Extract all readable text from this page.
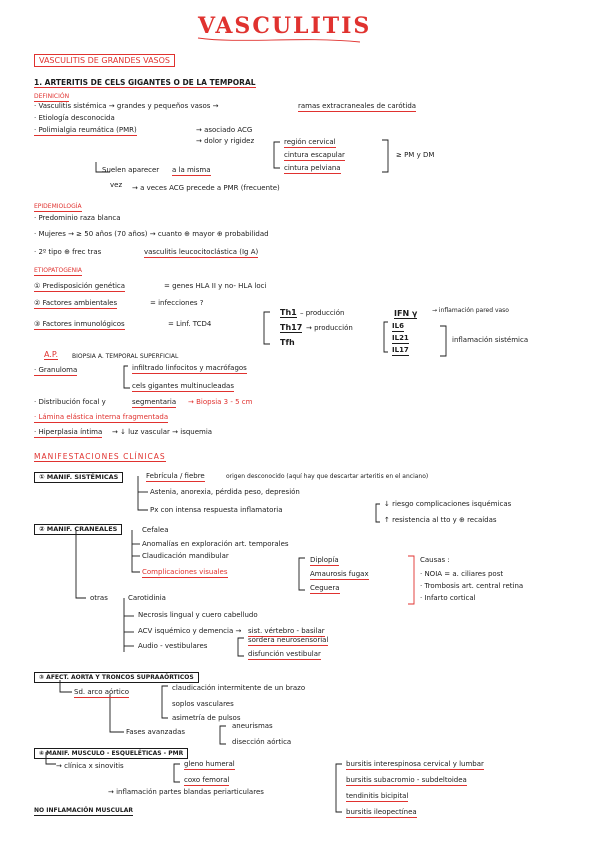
VASCULITIS
VASCULITIS DE GRANDES VASOS
1. ARTERITIS DE CELS GIGANTES O DE LA TEMPORAL
DEFINICIÓN
· Vasculitis sistémica → grandes y pequeños vasos →	ramas extracraneales de carótida
· Etiología desconocida
· Polimialgia reumática (PMR)	→ asociado ACG
→ dolor y rigidez	región cervical
cintura escapular
cintura pelviana
≥ PM y DM
Suelen aparecer a la misma
vez → a veces ACG precede a PMR (frecuente)
EPIDEMIOLOGÍA
· Predominio raza blanca
· Mujeres → ≥ 50 años (70 años) → cuanto ⊕ mayor ⊕ probabilidad
· 2º tipo ⊕ frec tras	vasculitis leucocitoclástica (Ig A)
ETIOPATOGENIA
① Predisposición genética	= genes HLA II y no- HLA loci
② Factores ambientales	= infecciones ?
③ Factores inmunológicos	= Linf. TCD4
Th1 – producción	IFN γ → inflamación pared vaso
Th17 → producción	IL6
IL21
IL17
inflamación sistémica
Tfh
A.P. BIOPSIA A. TEMPORAL SUPERFICIAL
· Granuloma	infiltrado linfocitos y macrófagos
cels gigantes multinucleadas
· Distribución focal y	segmentaria → Biopsia 3 - 5 cm
· Lámina elástica interna fragmentada
· Hiperplasia íntima → ↓ luz vascular → isquemia
MANIFESTACIONES CLÍNICAS
① MANIF. SISTÉMICAS	Febrícula / fiebre	origen desconocido (aquí hay que descartar arteritis en el anciano)
Astenia, anorexia, pérdida peso, depresión
Px con intensa respuesta inflamatoria
↓ riesgo complicaciones isquémicas
↑ resistencia al tto y ⊕ recaídas
② MANIF. CRANEALES	Cefalea
Anomalías en exploración art. temporales
Claudicación mandibular
Complicaciones visuales
Diplopía
Amaurosis fugax
Ceguera
Causas :
· NOIA = a. ciliares post
· Trombosis art. central retina
· Infarto cortical
otras	Carotidinia
Necrosis lingual y cuero cabelludo
ACV isquémico y demencia → sist. vértebro - basilar
Audio - vestibulares
sordera neurosensorial
disfunción vestibular
③ AFECT. AORTA Y TRONCOS SUPRAAÓRTICOS
Sd. arco aórtico	claudicación intermitente de un brazo
soplos vasculares
asimetría de pulsos
Fases avanzadas
aneurismas
disección aórtica
④ MANIF. MUSCULO - ESQUELÉTICAS - PMR
→ clínica x sinovitis	gleno humeral
coxo femoral
→ inflamación partes blandas periarticulares
bursitis interespinosa cervical y lumbar
bursitis subacromio - subdeltoidea
tendinitis bicipital
bursitis ileopectínea
NO INFLAMACIÓN MUSCULAR
